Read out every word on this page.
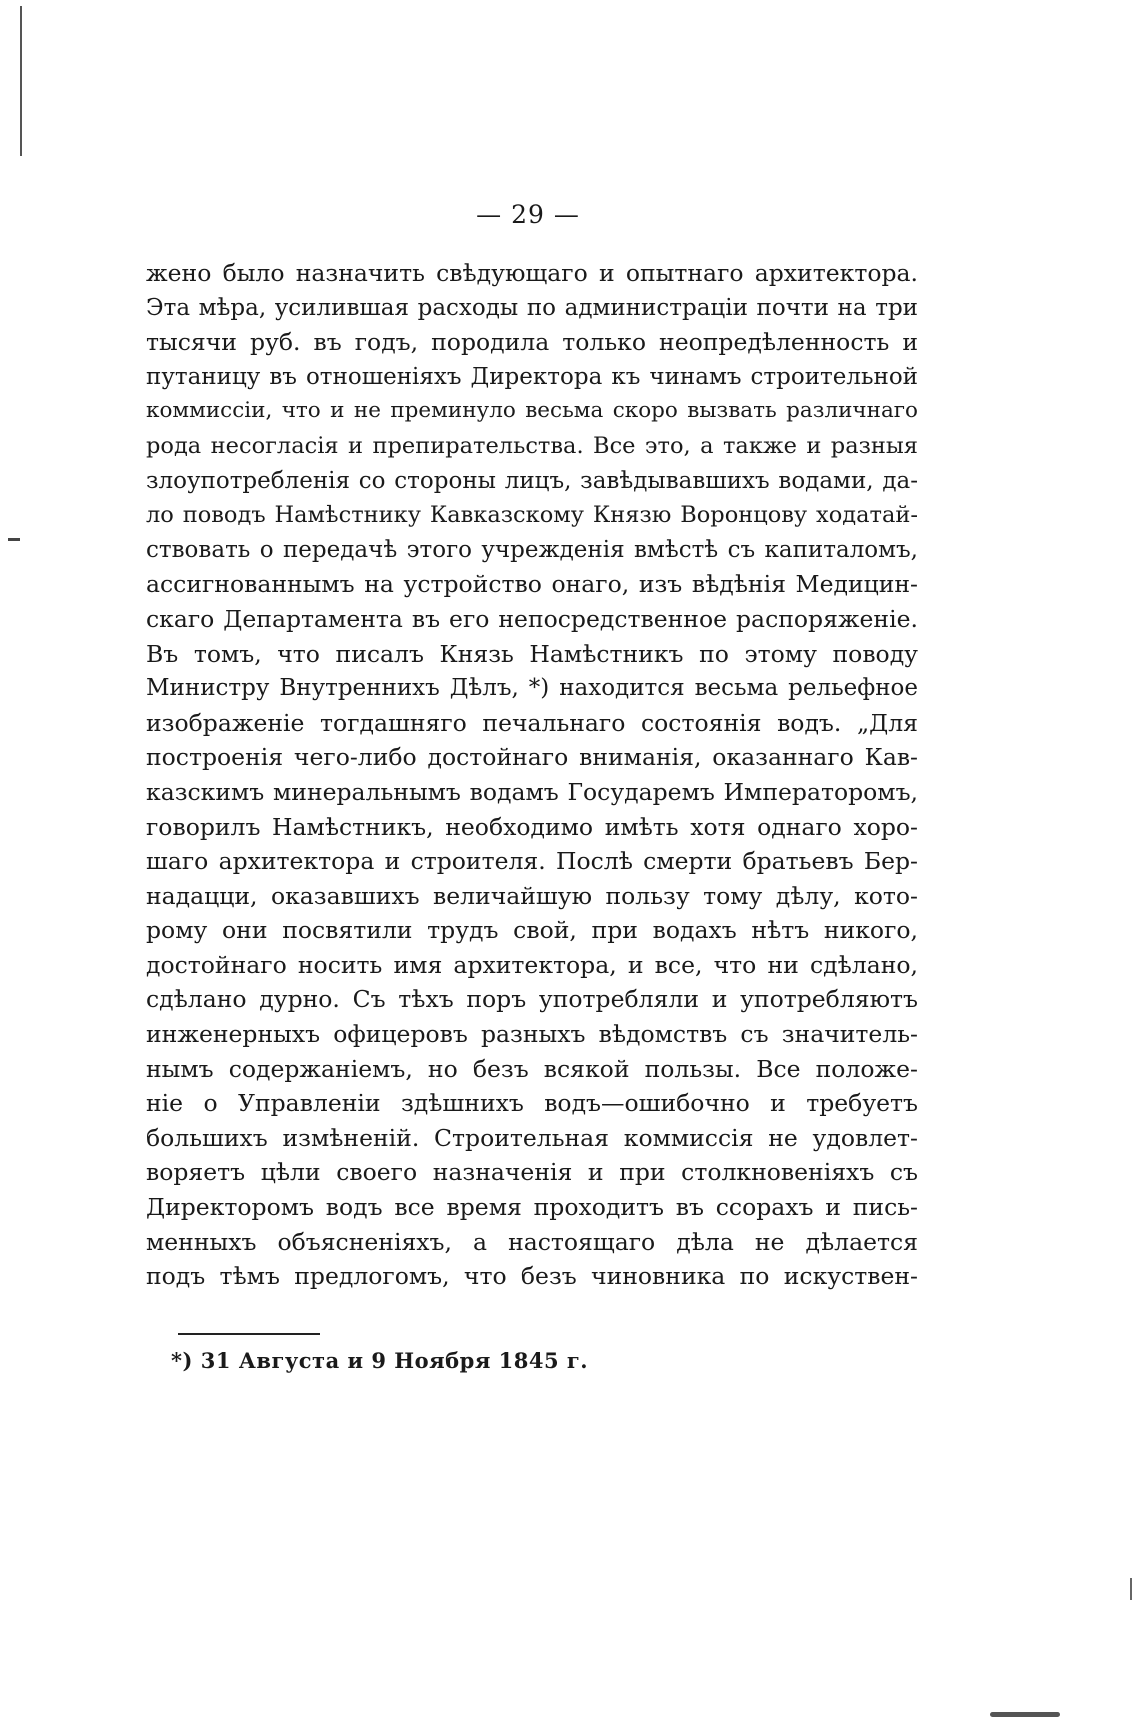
— 29 —
жено было назначить свѣдующаго и опытнаго архитектора.
Эта мѣра, усилившая расходы по администраціи почти на три
тысячи руб. въ годъ, породила только неопредѣленность и
путаницу въ отношеніяхъ Директора къ чинамъ строительной
коммиссіи, что и не преминуло весьма скоро вызвать различнаго
рода несогласія и препирательства. Все это, а также и разныя
злоупотребленія со стороны лицъ, завѣдывавшихъ водами, да-
ло поводъ Намѣстнику Кавказскому Князю Воронцову ходатай-
ствовать о передачѣ этого учрежденія вмѣстѣ съ капиталомъ,
ассигнованнымъ на устройство онаго, изъ вѣдѣнія Медицин-
скаго Департамента въ его непосредственное распоряженіе.
Въ томъ, что писалъ Князь Намѣстникъ по этому поводу
Министру Внутреннихъ Дѣлъ, *) находится весьма рельефное
изображеніе тогдашняго печальнаго состоянія водъ. „Для
построенія чего-либо достойнаго вниманія, оказаннаго Кав-
казскимъ минеральнымъ водамъ Государемъ Императоромъ,
говорилъ Намѣстникъ, необходимо имѣть хотя однаго хоро-
шаго архитектора и строителя. Послѣ смерти братьевъ Бер-
надацци, оказавшихъ величайшую пользу тому дѣлу, кото-
рому они посвятили трудъ свой, при водахъ нѣтъ никого,
достойнаго носить имя архитектора, и все, что ни сдѣлано,
сдѣлано дурно. Съ тѣхъ поръ употребляли и употребляютъ
инженерныхъ офицеровъ разныхъ вѣдомствъ съ значитель-
нымъ содержаніемъ, но безъ всякой пользы. Все положе-
ніе о Управленіи здѣшнихъ водъ—ошибочно и требуетъ
большихъ измѣненій. Строительная коммиссія не удовлет-
воряетъ цѣли своего назначенія и при столкновеніяхъ съ
Директоромъ водъ все время проходитъ въ ссорахъ и пись-
менныхъ объясненіяхъ, а настоящаго дѣла не дѣлается
подъ тѣмъ предлогомъ, что безъ чиновника по искуствен-
*) 31 Августа и 9 Ноября 1845 г.
